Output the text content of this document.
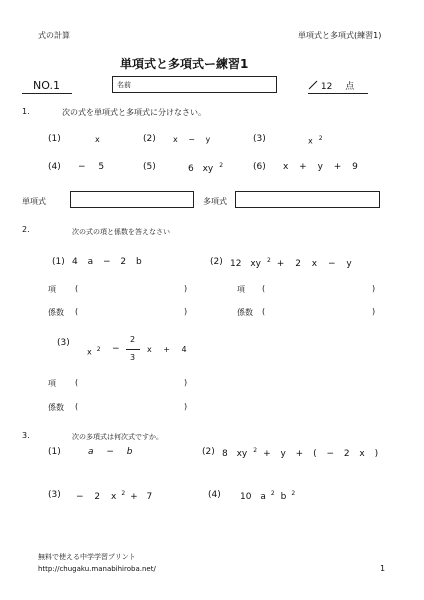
式の計算	単項式と多項式(練習1)
単項式と多項式ー練習1
NO.1	名前	12 点
1.	次の式を単項式と多項式に分けなさい。
(1)	x	(2) x − y	(3)	x $^2$
(4) − 5	(5)	6 xy $^2$	(6) x + y + 9
単項式	多項式
2.	次の式の項と係数を答えなさい
(1) 4 a − 2 b	(2) 12 xy $^2$ + 2 x − y
項 (	)	項 (	)
係数 (	)	係数 (	)
(3)
x $^2$ −
2
3
x + 4
項 (	)
係数 (	)
3.	次の多項式は何次式ですか。
(1)	a − b	(2) 8 xy $^2$ + y + ( − 2 x )
(3) − 2 x $^2$ + 7	(4) 10 a $^2$ b $^2$
無料で使える中学学習プリント
http://chugaku.manabihiroba.net/	1
